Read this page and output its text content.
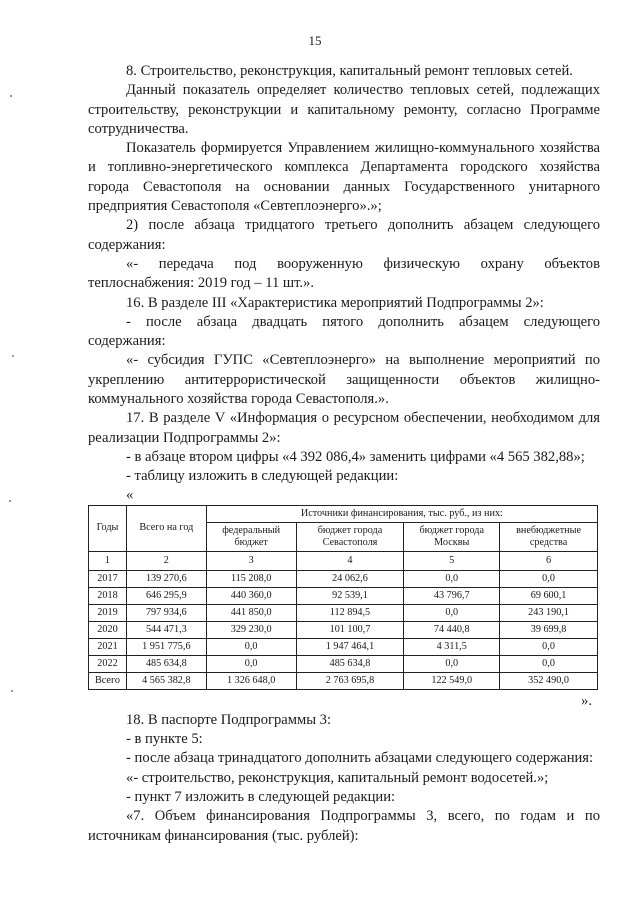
15

8. Строительство, реконструкция, капитальный ремонт тепловых сетей.

Данный показатель определяет количество тепловых сетей, подлежащих строительству, реконструкции и капитальному ремонту, согласно Программе сотрудничества.

Показатель формируется Управлением жилищно-коммунального хозяйства и топливно-энергетического комплекса Департамента городского хозяйства города Севастополя на основании данных Государственного унитарного предприятия Севастополя «Севтеплоэнерго».»;

2) после абзаца тридцатого третьего дополнить абзацем следующего содержания:

«- передача под вооруженную физическую охрану объектов теплоснабжения: 2019 год – 11 шт.».

16. В разделе III «Характеристика мероприятий Подпрограммы 2»:

- после абзаца двадцать пятого дополнить абзацем следующего содержания:

«- субсидия ГУПС «Севтеплоэнерго» на выполнение мероприятий по укреплению антитеррористической защищенности объектов жилищно-коммунального хозяйства города Севастополя.».

17. В разделе V «Информация о ресурсном обеспечении, необходимом для реализации Подпрограммы 2»:

- в абзаце втором цифры «4 392 086,4» заменить цифрами «4 565 382,88»;

- таблицу изложить в следующей редакции:

«

Годы	Всего на год	Источники финансирования, тыс. руб., из них:			
		федеральный бюджет	бюджет города Севастополя	бюджет города Москвы	внебюджетные средства
1	2	3	4	5	6
2017	139 270,6	115 208,0	24 062,6	0,0	0,0
2018	646 295,9	440 360,0	92 539,1	43 796,7	69 600,1
2019	797 934,6	441 850,0	112 894,5	0,0	243 190,1
2020	544 471,3	329 230,0	101 100,7	74 440,8	39 699,8
2021	1 951 775,6	0,0	1 947 464,1	4 311,5	0,0
2022	485 634,8	0,0	485 634,8	0,0	0,0
Всего	4 565 382,8	1 326 648,0	2 763 695,8	122 549,0	352 490,0

».

18. В паспорте Подпрограммы 3:

- в пункте 5:

- после абзаца тринадцатого дополнить абзацами следующего содержания:

«- строительство, реконструкция, капитальный ремонт водосетей.»;

- пункт 7 изложить в следующей редакции:

«7. Объем финансирования Подпрограммы 3, всего, по годам и по источникам финансирования (тыс. рублей):
